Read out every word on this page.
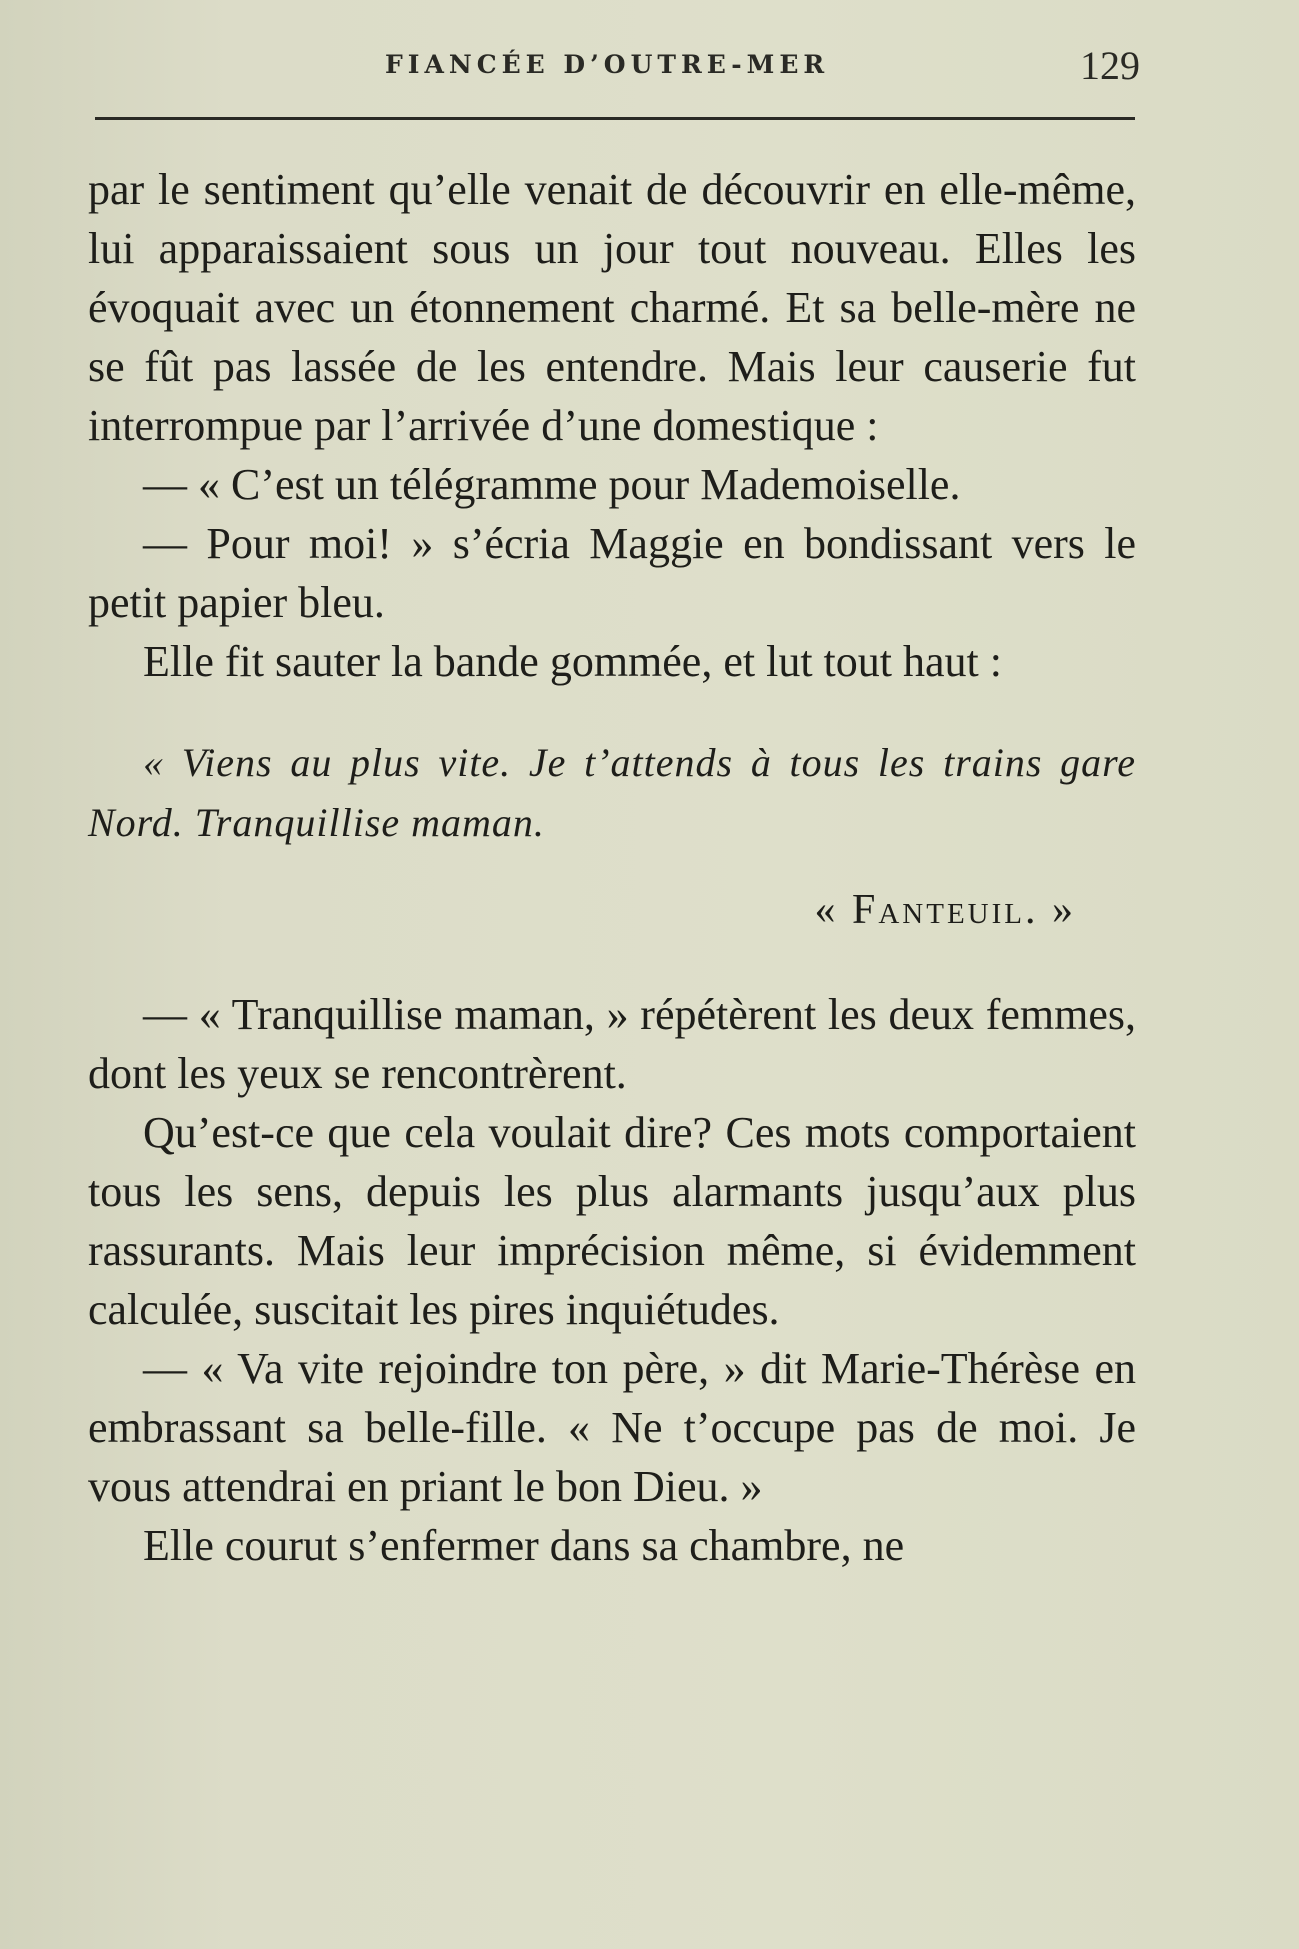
FIANCÉE D’OUTRE-MER	129

par le sentiment qu’elle venait de découvrir en elle-même, lui apparaissaient sous un jour tout nouveau. Elles les évoquait avec un étonnement charmé. Et sa belle-mère ne se fût pas lassée de les entendre. Mais leur causerie fut interrompue par l’arrivée d’une domestique :

— « C’est un télégramme pour Mademoiselle.

— Pour moi! » s’écria Maggie en bondissant vers le petit papier bleu.

Elle fit sauter la bande gommée, et lut tout haut :

« Viens au plus vite. Je t’attends à tous les trains gare Nord. Tranquillise maman.

« Fanteuil. »

— « Tranquillise maman, » répétèrent les deux femmes, dont les yeux se rencontrèrent.

Qu’est-ce que cela voulait dire? Ces mots comportaient tous les sens, depuis les plus alarmants jusqu’aux plus rassurants. Mais leur imprécision même, si évidemment calculée, suscitait les pires inquiétudes.

— « Va vite rejoindre ton père, » dit Marie-Thérèse en embrassant sa belle-fille. « Ne t’occupe pas de moi. Je vous attendrai en priant le bon Dieu. »

Elle courut s’enfermer dans sa chambre, ne
